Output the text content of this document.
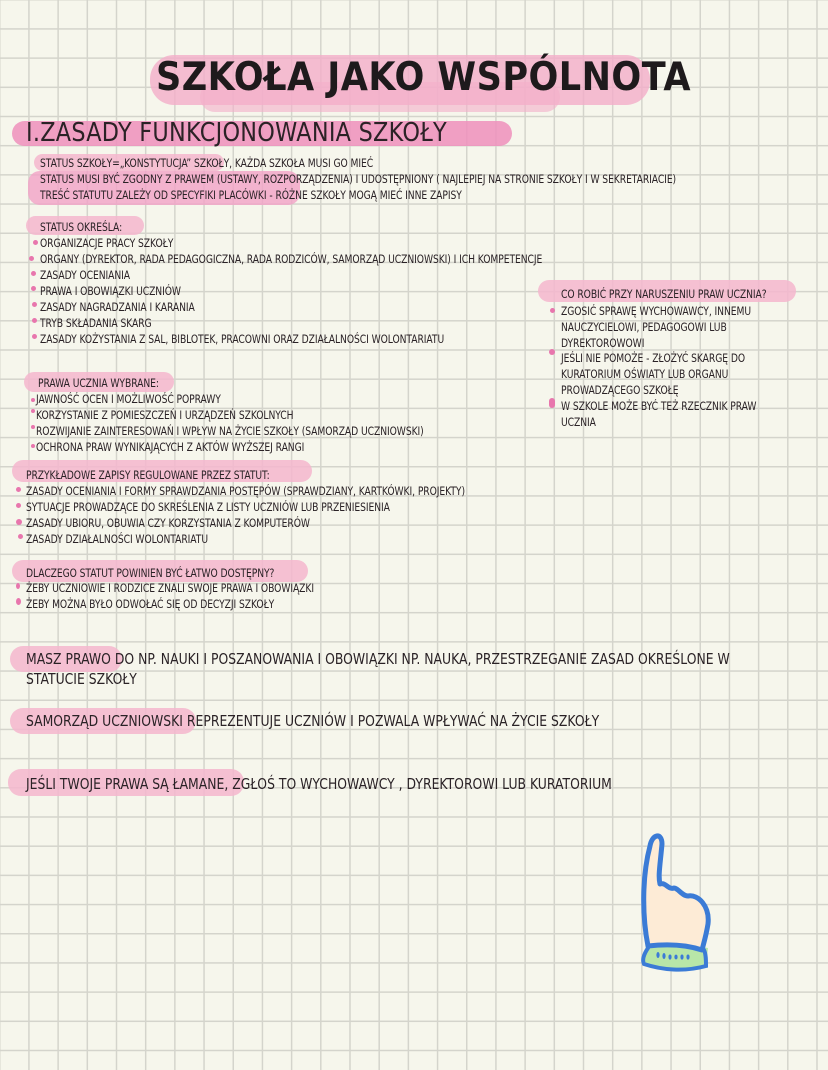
SZKOŁA JAKO WSPÓLNOTA
I.ZASADY FUNKCJONOWANIA SZKOŁY
STATUS SZKOŁY=„KONSTYTUCJA” SZKOŁY, KAŻDA SZKOŁA MUSI GO MIEĆ
STATUS MUSI BYĆ ZGODNY Z PRAWEM (USTAWY, ROZPORZĄDZENIA) I UDOSTĘPNIONY ( NAJLEPIEJ NA STRONIE SZKOŁY I W SEKRETARIACIE)
TREŚĆ STATUTU ZALEŻY OD SPECYFIKI PLACÓWKI - RÓŻNE SZKOŁY MOGĄ MIEĆ INNE ZAPISY
STATUS OKREŚLA:
ORGANIZACJE PRACY SZKOŁY
ORGANY (DYREKTOR, RADA PEDAGOGICZNA, RADA RODZICÓW, SAMORZĄD UCZNIOWSKI) I ICH KOMPETENCJE
ZASADY OCENIANIA
PRAWA I OBOWIĄZKI UCZNIÓW
ZASADY NAGRADZANIA I KARANIA
TRYB SKŁADANIA SKARG
ZASADY KOŻYSTANIA Z SAL, BIBLOTEK, PRACOWNI ORAZ DZIAŁALNOŚCI WOLONTARIATU
CO ROBIĆ PRZY NARUSZENIU PRAW UCZNIA?
ZGOSIĆ SPRAWĘ WYCHOWAWCY, INNEMU
NAUCZYCIELOWI, PEDAGOGOWI LUB
DYREKTOROWOWI
JEŚLI NIE POMOŻE - ZŁOŻYĆ SKARGĘ DO
KURATORIUM OŚWIATY LUB ORGANU
PROWADZĄCEGO SZKOŁĘ
W SZKOLE MOŻE BYĆ TEŻ RZECZNIK PRAW
UCZNIA
PRAWA UCZNIA WYBRANE:
JAWNOŚĆ OCEN I MOŻLIWOŚĆ POPRAWY
KORZYSTANIE Z POMIESZCZEŃ I URZĄDZEŃ SZKOLNYCH
ROZWIJANIE ZAINTERESOWAŃ I WPŁYW NA ŻYCIE SZKOŁY (SAMORZĄD UCZNIOWSKI)
OCHRONA PRAW WYNIKAJĄCYCH Z AKTÓW WYŻSZEJ RANGI
PRZYKŁADOWE ZAPISY REGULOWANE PRZEZ STATUT:
ZASADY OCENIANIA I FORMY SPRAWDZANIA POSTĘPÓW (SPRAWDZIANY, KARTKÓWKI, PROJEKTY)
SYTUACJE PROWADZĄCE DO SKREŚLENIA Z LISTY UCZNIÓW LUB PRZENIESIENIA
ZASADY UBIORU, OBUWIA CZY KORZYSTANIA Z KOMPUTERÓW
ZASADY DZIAŁALNOŚCI WOLONTARIATU
DLACZEGO STATUT POWINIEN BYĆ ŁATWO DOSTĘPNY?
ŻEBY UCZNIOWIE I RODZICE ZNALI SWOJE PRAWA I OBOWIĄZKI
ŻEBY MOŻNA BYŁO ODWOŁAĆ SIĘ OD DECYZJI SZKOŁY
MASZ PRAWO DO NP. NAUKI I POSZANOWANIA I OBOWIĄZKI NP. NAUKA, PRZESTRZEGANIE ZASAD OKREŚLONE W
STATUCIE SZKOŁY
SAMORZĄD UCZNIOWSKI REPREZENTUJE UCZNIÓW I POZWALA WPŁYWAĆ NA ŻYCIE SZKOŁY
JEŚLI TWOJE PRAWA SĄ ŁAMANE, ZGŁOŚ TO WYCHOWAWCY , DYREKTOROWI LUB KURATORIUM
